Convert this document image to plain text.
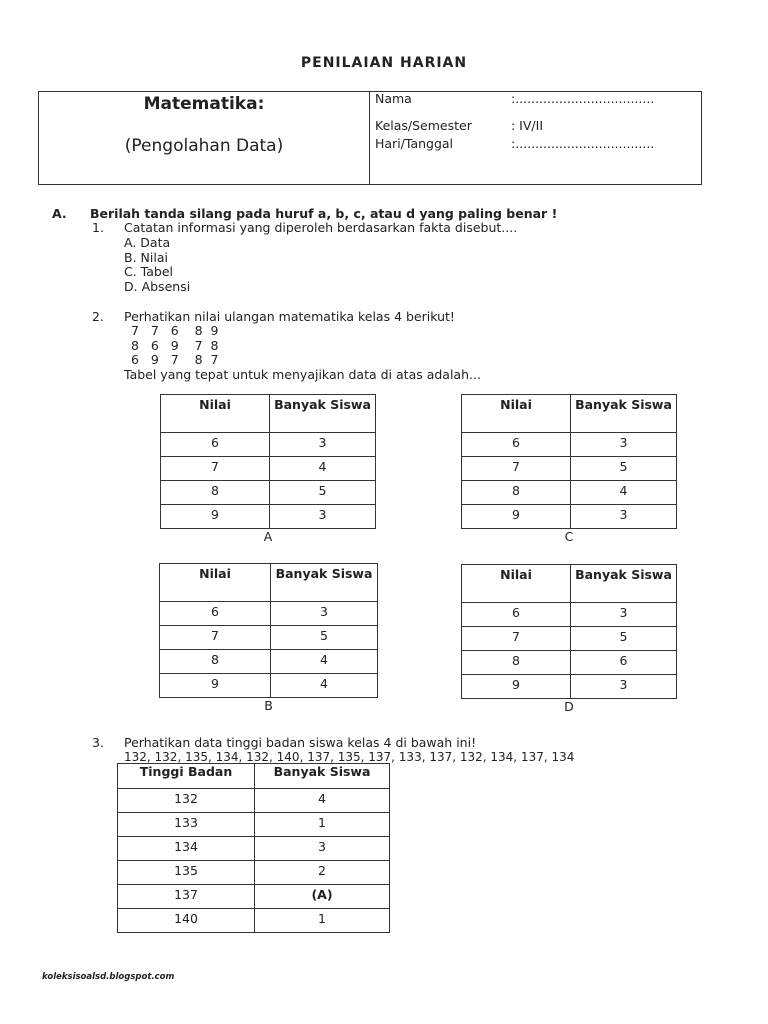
PENILAIAN HARIAN
Matematika:
(Pengolahan Data)
Nama	:...................................
Kelas/Semester	: IV/II
Hari/Tanggal	:...................................
A. Berilah tanda silang pada huruf a, b, c, atau d yang paling benar !
1. Catatan informasi yang diperoleh berdasarkan fakta disebut....
A. Data
B. Nilai
C. Tabel
D. Absensi
2. Perhatikan nilai ulangan matematika kelas 4 berikut!
7   7   6    8  9
8   6   9    7  8
6   9   7    8  7
Tabel yang tepat untuk menyajikan data di atas adalah...
Nilai	Banyak Siswa
6	3
7	4
8	5
9	3
A
Nilai	Banyak Siswa
6	3
7	5
8	4
9	3
C
Nilai	Banyak Siswa
6	3
7	5
8	4
9	4
B
Nilai	Banyak Siswa
6	3
7	5
8	6
9	3
D
3. Perhatikan data tinggi badan siswa kelas 4 di bawah ini!
132, 132, 135, 134, 132, 140, 137, 135, 137, 133, 137, 132, 134, 137, 134
Tinggi Badan	Banyak Siswa
132	4
133	1
134	3
135	2
137	(A)
140	1
koleksisoalsd.blogspot.com
